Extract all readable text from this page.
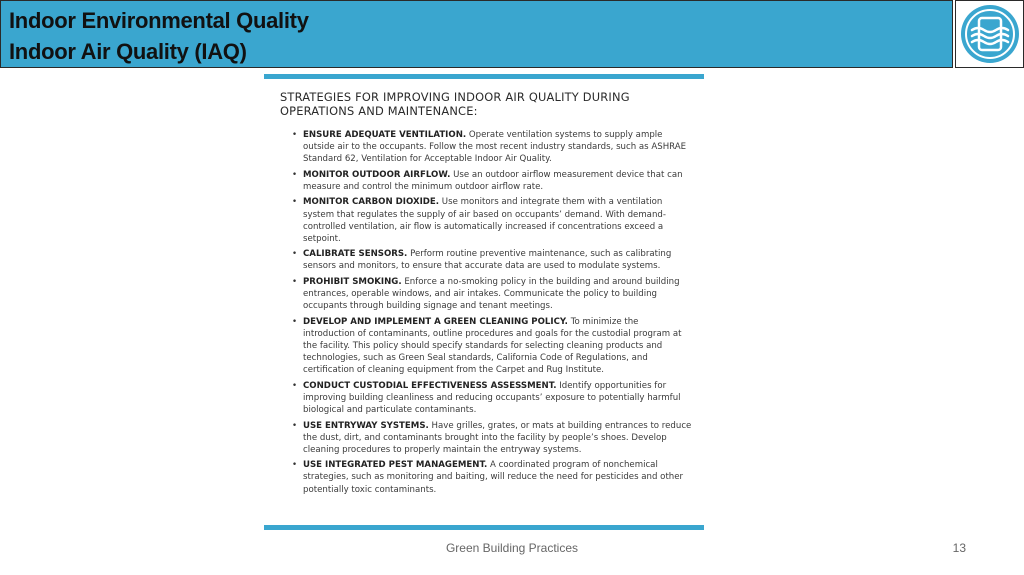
Indoor Environmental Quality
Indoor Air Quality (IAQ)
STRATEGIES FOR IMPROVING INDOOR AIR QUALITY DURING OPERATIONS AND MAINTENANCE:
• ENSURE ADEQUATE VENTILATION. Operate ventilation systems to supply ample outside air to the occupants. Follow the most recent industry standards, such as ASHRAE Standard 62, Ventilation for Acceptable Indoor Air Quality.
• MONITOR OUTDOOR AIRFLOW. Use an outdoor airflow measurement device that can measure and control the minimum outdoor airflow rate.
• MONITOR CARBON DIOXIDE. Use monitors and integrate them with a ventilation system that regulates the supply of air based on occupants’ demand. With demand-controlled ventilation, air flow is automatically increased if concentrations exceed a setpoint.
• CALIBRATE SENSORS. Perform routine preventive maintenance, such as calibrating sensors and monitors, to ensure that accurate data are used to modulate systems.
• PROHIBIT SMOKING. Enforce a no-smoking policy in the building and around building entrances, operable windows, and air intakes. Communicate the policy to building occupants through building signage and tenant meetings.
• DEVELOP AND IMPLEMENT A GREEN CLEANING POLICY. To minimize the introduction of contaminants, outline procedures and goals for the custodial program at the facility. This policy should specify standards for selecting cleaning products and technologies, such as Green Seal standards, California Code of Regulations, and certification of cleaning equipment from the Carpet and Rug Institute.
• CONDUCT CUSTODIAL EFFECTIVENESS ASSESSMENT. Identify opportunities for improving building cleanliness and reducing occupants’ exposure to potentially harmful biological and particulate contaminants.
• USE ENTRYWAY SYSTEMS. Have grilles, grates, or mats at building entrances to reduce the dust, dirt, and contaminants brought into the facility by people’s shoes. Develop cleaning procedures to properly maintain the entryway systems.
• USE INTEGRATED PEST MANAGEMENT. A coordinated program of nonchemical strategies, such as monitoring and baiting, will reduce the need for pesticides and other potentially toxic contaminants.
Green Building Practices	13
